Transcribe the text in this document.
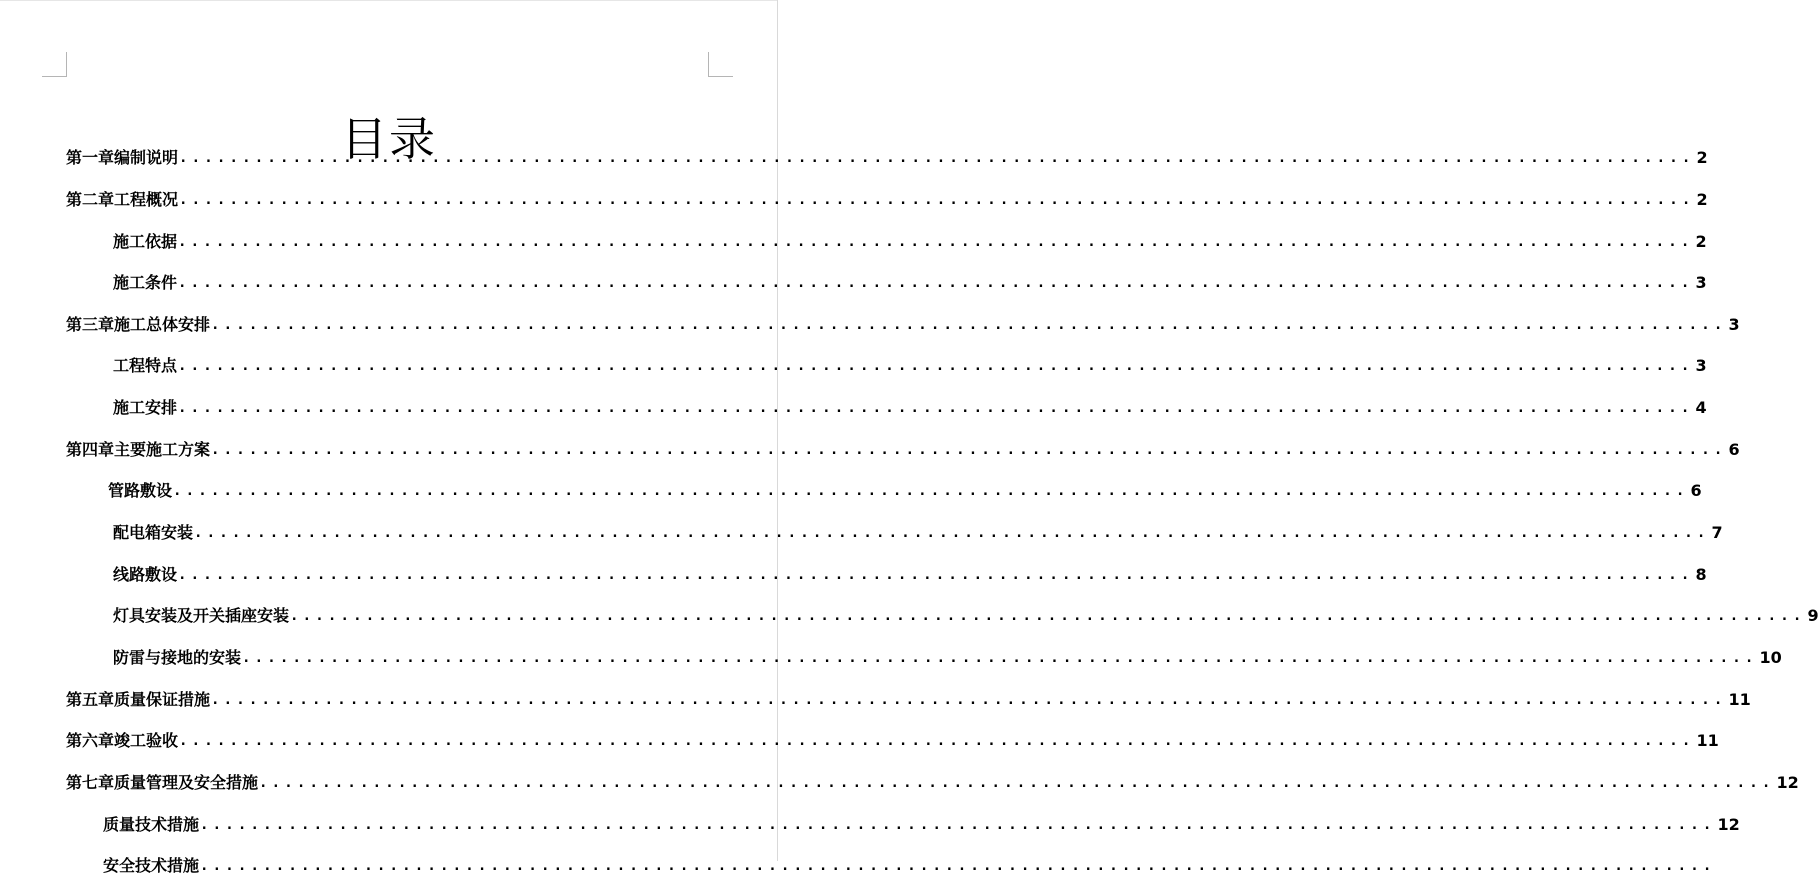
目录
第一章编制说明 ........................................................................................................................ 2
第二章工程概况 ........................................................................................................................ 2
施工依据 ........................................................................................................................ 2
施工条件 ........................................................................................................................ 3
第三章施工总体安排 ........................................................................................................................ 3
工程特点 ........................................................................................................................ 3
施工安排 ........................................................................................................................ 4
第四章主要施工方案 ........................................................................................................................ 6
管路敷设 ........................................................................................................................ 6
配电箱安装 ........................................................................................................................ 7
线路敷设 ........................................................................................................................ 8
灯具安装及开关插座安装 ........................................................................................................................ 9
防雷与接地的安装 ........................................................................................................................ 10
第五章质量保证措施 ........................................................................................................................ 11
第六章竣工验收 ........................................................................................................................ 11
第七章质量管理及安全措施 ........................................................................................................................ 12
质量技术措施 ........................................................................................................................ 12
安全技术措施 ........................................................................................................................
